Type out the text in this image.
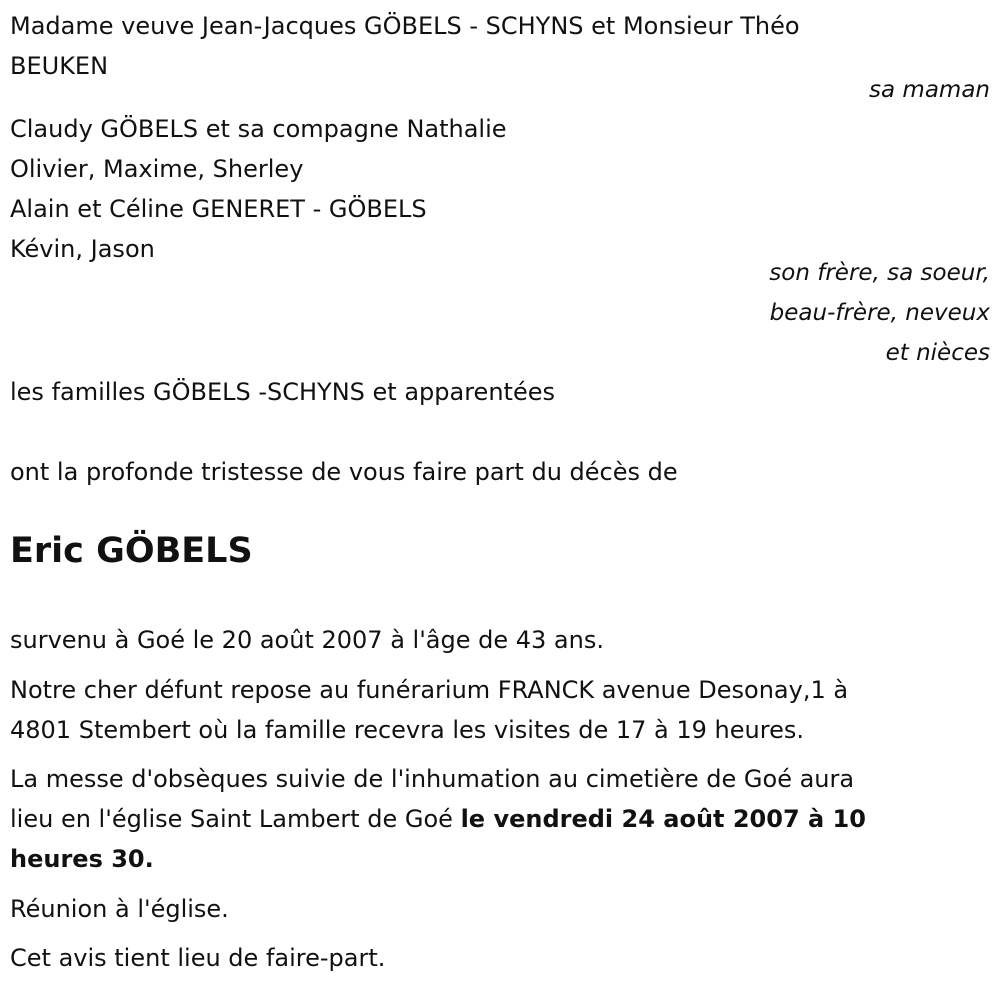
Madame veuve Jean-Jacques GÖBELS - SCHYNS et Monsieur Théo
BEUKEN
sa maman
Claudy GÖBELS et sa compagne Nathalie
Olivier, Maxime, Sherley
Alain et Céline GENERET - GÖBELS
Kévin, Jason
son frère, sa soeur,
beau-frère, neveux
et nièces
les familles GÖBELS -SCHYNS et apparentées
ont la profonde tristesse de vous faire part du décès de
Eric GÖBELS
survenu à Goé le 20 août 2007 à l'âge de 43 ans.
Notre cher défunt repose au funérarium FRANCK avenue Desonay,1 à
4801 Stembert où la famille recevra les visites de 17 à 19 heures.
La messe d'obsèques suivie de l'inhumation au cimetière de Goé aura
lieu en l'église Saint Lambert de Goé le vendredi 24 août 2007 à 10
heures 30.
Réunion à l'église.
Cet avis tient lieu de faire-part.
